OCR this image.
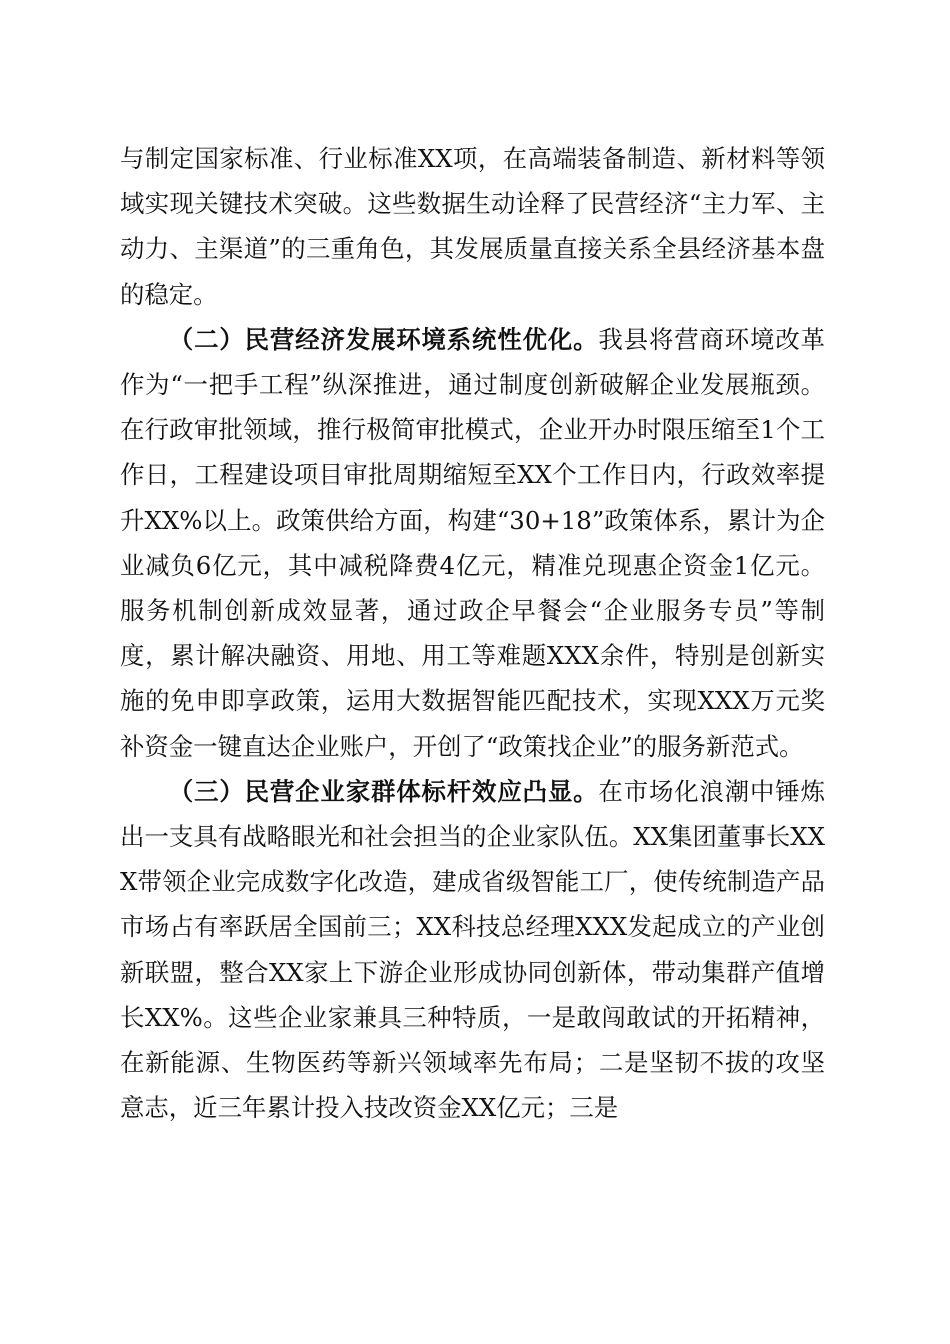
与制定国家标准、行业标准XX项，在高端装备制造、新材料等领域实现关键技术突破。这些数据生动诠释了民营经济“主力军、主动力、主渠道”的三重角色，其发展质量直接关系全县经济基本盘的稳定。

（二）民营经济发展环境系统性优化。我县将营商环境改革作为“一把手工程”纵深推进，通过制度创新破解企业发展瓶颈。在行政审批领域，推行极简审批模式，企业开办时限压缩至1个工作日，工程建设项目审批周期缩短至XX个工作日内，行政效率提升XX%以上。政策供给方面，构建“30+18”政策体系，累计为企业减负6亿元，其中减税降费4亿元，精准兑现惠企资金1亿元。服务机制创新成效显著，通过政企早餐会“企业服务专员”等制度，累计解决融资、用地、用工等难题XXX余件，特别是创新实施的免申即享政策，运用大数据智能匹配技术，实现XXX万元奖补资金一键直达企业账户，开创了“政策找企业”的服务新范式。

（三）民营企业家群体标杆效应凸显。在市场化浪潮中锤炼出一支具有战略眼光和社会担当的企业家队伍。XX集团董事长XXX带领企业完成数字化改造，建成省级智能工厂，使传统制造产品市场占有率跃居全国前三；XX科技总经理XXX发起成立的产业创新联盟，整合XX家上下游企业形成协同创新体，带动集群产值增长XX%。这些企业家兼具三种特质，一是敢闯敢试的开拓精神，在新能源、生物医药等新兴领域率先布局；二是坚韧不拔的攻坚意志，近三年累计投入技改资金XX亿元；三是
